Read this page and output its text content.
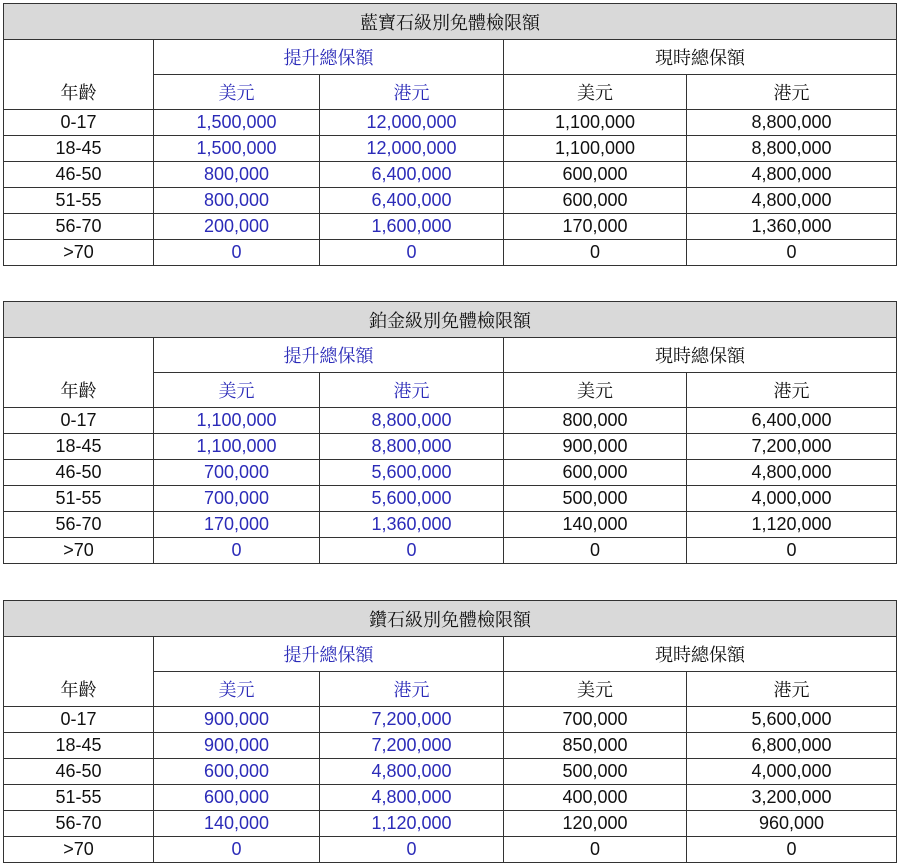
藍寶石級別免體檢限額				
	提升總保額		現時總保額	
年齡	美元	港元	美元	港元
0-17	1,500,000	12,000,000	1,100,000	8,800,000
18-45	1,500,000	12,000,000	1,100,000	8,800,000
46-50	800,000	6,400,000	600,000	4,800,000
51-55	800,000	6,400,000	600,000	4,800,000
56-70	200,000	1,600,000	170,000	1,360,000
>70	0	0	0	0
鉑金級別免體檢限額				
	提升總保額		現時總保額	
年齡	美元	港元	美元	港元
0-17	1,100,000	8,800,000	800,000	6,400,000
18-45	1,100,000	8,800,000	900,000	7,200,000
46-50	700,000	5,600,000	600,000	4,800,000
51-55	700,000	5,600,000	500,000	4,000,000
56-70	170,000	1,360,000	140,000	1,120,000
>70	0	0	0	0
鑽石級別免體檢限額				
	提升總保額		現時總保額	
年齡	美元	港元	美元	港元
0-17	900,000	7,200,000	700,000	5,600,000
18-45	900,000	7,200,000	850,000	6,800,000
46-50	600,000	4,800,000	500,000	4,000,000
51-55	600,000	4,800,000	400,000	3,200,000
56-70	140,000	1,120,000	120,000	960,000
>70	0	0	0	0
